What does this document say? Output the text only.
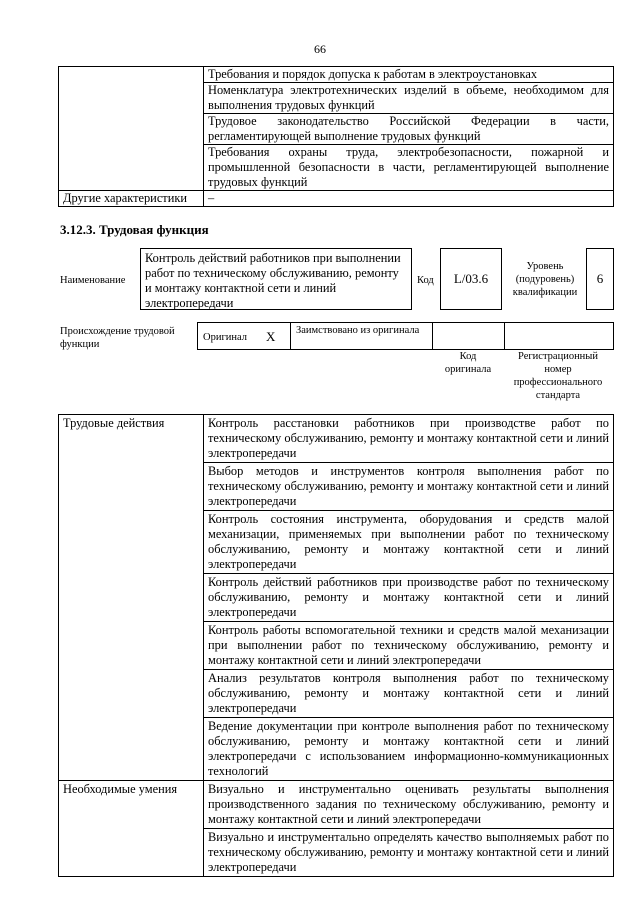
66
	Требования и порядок допуска к работам в электроустановках
	Номенклатура электротехнических изделий в объеме, необходимом для выполнения трудовых функций
	Трудовое законодательство Российской Федерации в части, регламентирующей выполнение трудовых функций
	Требования охраны труда, электробезопасности, пожарной и промышленной безопасности в части, регламентирующей выполнение трудовых функций
Другие характеристики	–
3.12.3. Трудовая функция
Наименование
Контроль действий работников при выполнении работ по техническому обслуживанию, ремонту и монтажу контактной сети и линий электропередачи
Код	L/03.6
Уровень (подуровень) квалификации
6
Происхождение трудовой функции
Оригинал X Заимствовано из оригинала
Код оригинала
Регистрационный номер профессионального стандарта
Трудовые действия	Контроль расстановки работников при производстве работ по техническому обслуживанию, ремонту и монтажу контактной сети и линий электропередачи
	Выбор методов и инструментов контроля выполнения работ по техническому обслуживанию, ремонту и монтажу контактной сети и линий электропередачи
	Контроль состояния инструмента, оборудования и средств малой механизации, применяемых при выполнении работ по техническому обслуживанию, ремонту и монтажу контактной сети и линий электропередачи
	Контроль действий работников при производстве работ по техническому обслуживанию, ремонту и монтажу контактной сети и линий электропередачи
	Контроль работы вспомогательной техники и средств малой механизации при выполнении работ по техническому обслуживанию, ремонту и монтажу контактной сети и линий электропередачи
	Анализ результатов контроля выполнения работ по техническому обслуживанию, ремонту и монтажу контактной сети и линий электропередачи
	Ведение документации при контроле выполнения работ по техническому обслуживанию, ремонту и монтажу контактной сети и линий электропередачи с использованием информационно-коммуникационных технологий
Необходимые умения	Визуально и инструментально оценивать результаты выполнения производственного задания по техническому обслуживанию, ремонту и монтажу контактной сети и линий электропередачи
	Визуально и инструментально определять качество выполняемых работ по техническому обслуживанию, ремонту и монтажу контактной сети и линий электропередачи
